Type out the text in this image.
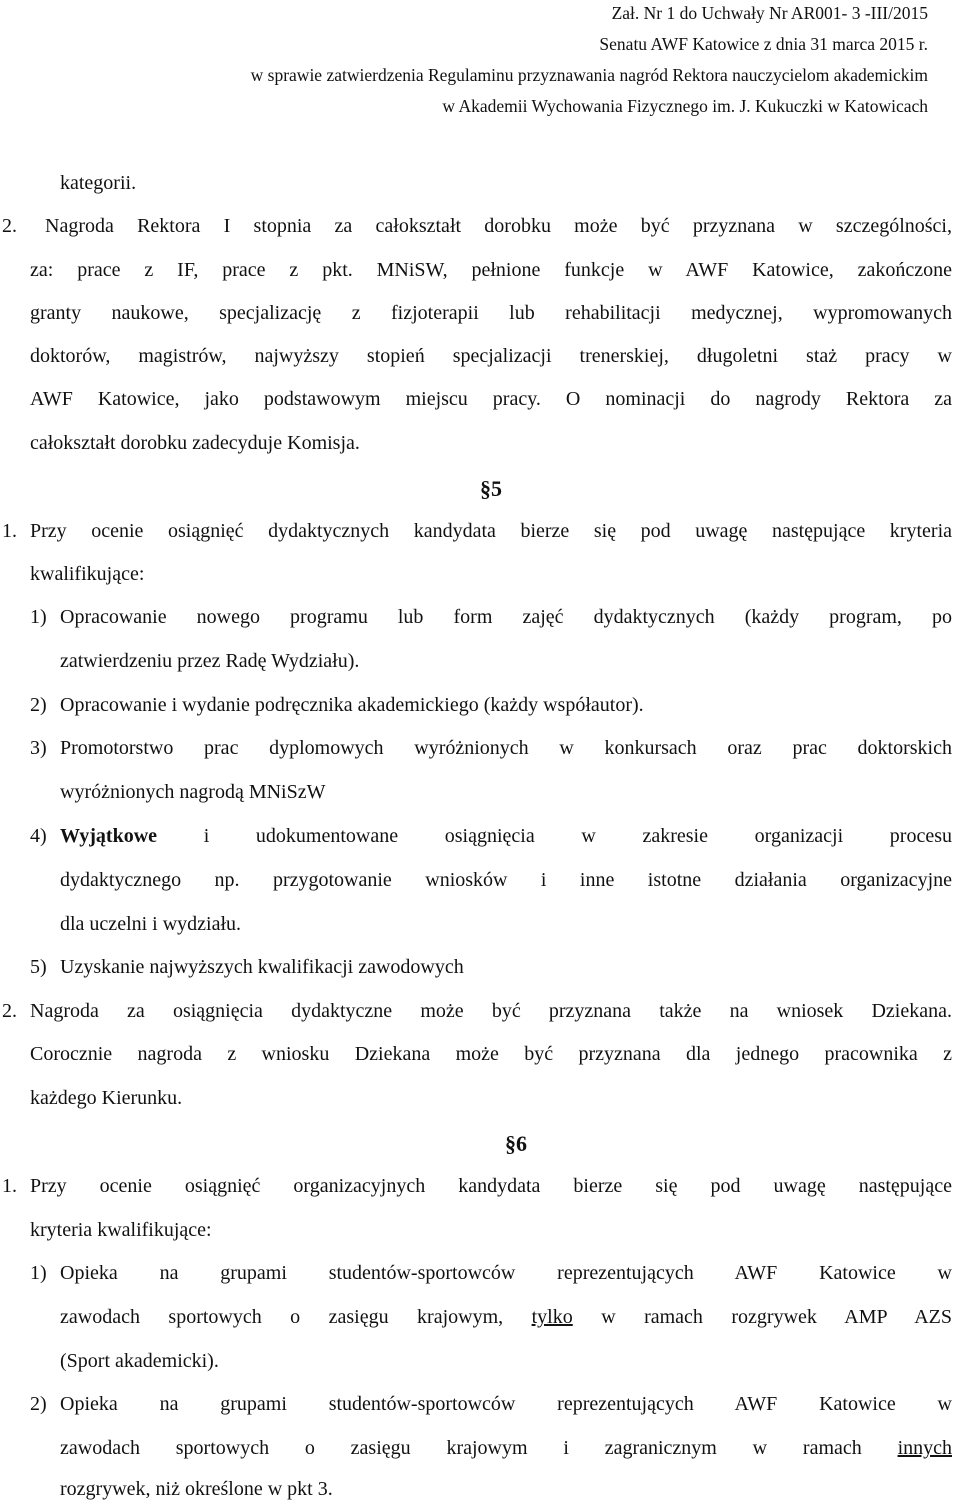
Zał. Nr 1 do Uchwały Nr AR001- 3 -III/2015
Senatu AWF Katowice z dnia 31 marca 2015 r.
w sprawie zatwierdzenia Regulaminu przyznawania nagród Rektora nauczycielom akademickim
w Akademii Wychowania Fizycznego im. J. Kukuczki w Katowicach
kategorii.
2. Nagroda Rektora I stopnia za całokształt dorobku może być przyznana w szczególności,
za: prace z IF, prace z pkt. MNiSW, pełnione funkcje w AWF Katowice, zakończone
granty naukowe, specjalizację z fizjoterapii lub rehabilitacji medycznej, wypromowanych
doktorów, magistrów, najwyższy stopień specjalizacji trenerskiej, długoletni staż pracy w
AWF Katowice, jako podstawowym miejscu pracy. O nominacji do nagrody Rektora za
całokształt dorobku zadecyduje Komisja.
§5
1. Przy ocenie osiągnięć dydaktycznych kandydata bierze się pod uwagę następujące kryteria
kwalifikujące:
1) Opracowanie nowego programu lub form zajęć dydaktycznych (każdy program, po
zatwierdzeniu przez Radę Wydziału).
2) Opracowanie i wydanie podręcznika akademickiego (każdy współautor).
3) Promotorstwo prac dyplomowych wyróżnionych w konkursach oraz prac doktorskich
wyróżnionych nagrodą MNiSzW
4) Wyjątkowe i udokumentowane osiągnięcia w zakresie organizacji procesu
dydaktycznego np. przygotowanie wniosków i inne istotne działania organizacyjne
dla uczelni i wydziału.
5) Uzyskanie najwyższych kwalifikacji zawodowych
2. Nagroda za osiągnięcia dydaktyczne może być przyznana także na wniosek Dziekana.
Corocznie nagroda z wniosku Dziekana może być przyznana dla jednego pracownika z
każdego Kierunku.
§6
1. Przy ocenie osiągnięć organizacyjnych kandydata bierze się pod uwagę następujące
kryteria kwalifikujące:
1) Opieka na grupami studentów-sportowców reprezentujących AWF Katowice w
zawodach sportowych o zasięgu krajowym, tylko w ramach rozgrywek AMP AZS
(Sport akademicki).
2) Opieka na grupami studentów-sportowców reprezentujących AWF Katowice w
zawodach sportowych o zasięgu krajowym i zagranicznym w ramach innych
rozgrywek, niż określone w pkt 3.
